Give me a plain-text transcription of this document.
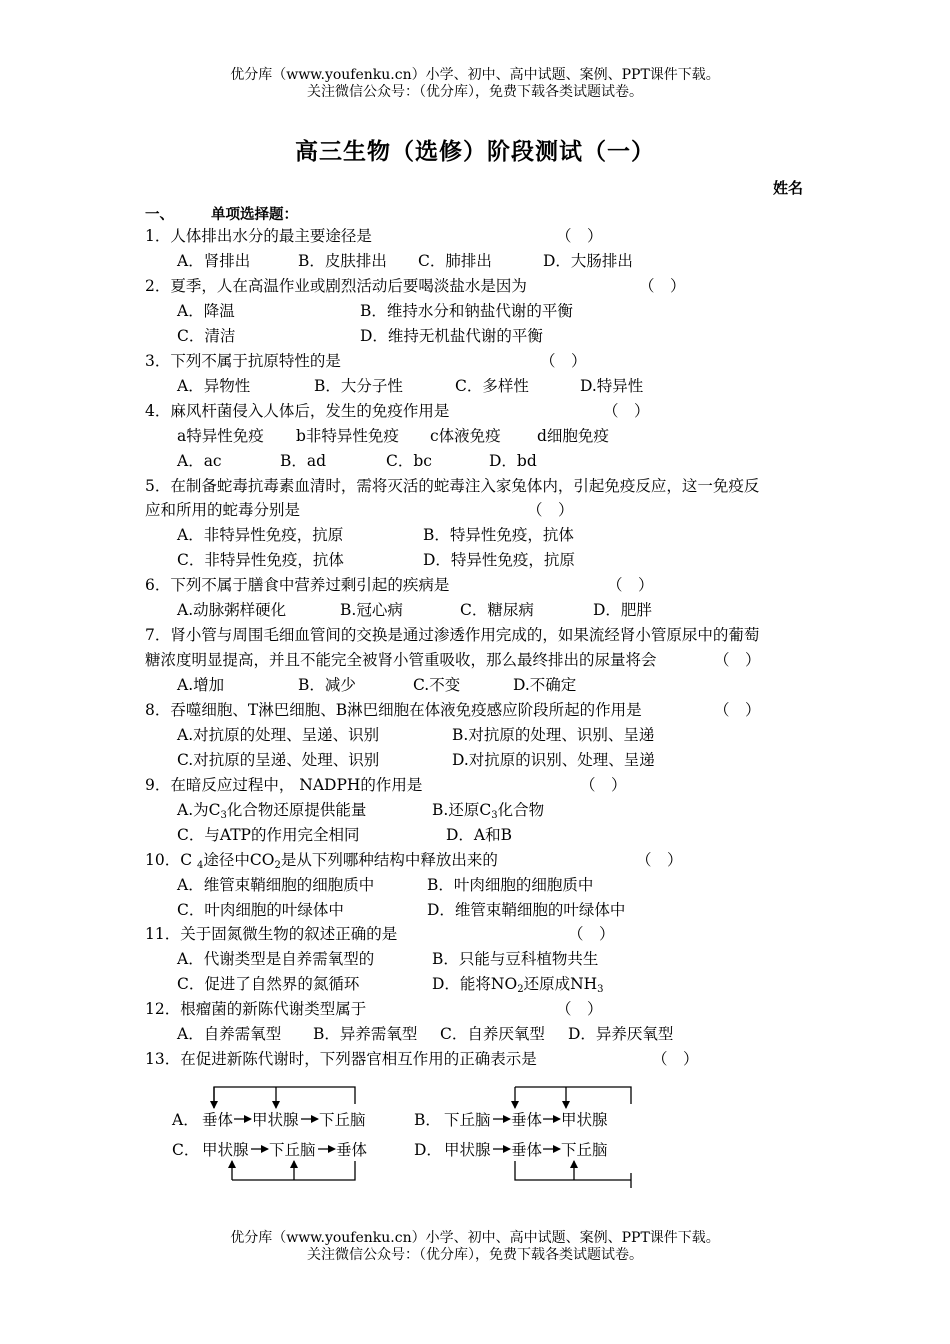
优分库（www.youfenku.cn）小学、初中、高中试题、案例、PPT课件下载。
关注微信公众号：（优分库），免费下载各类试题试卷。
高三生物（选修）阶段测试（一）
姓名
一、	单项选择题：
1．人体排出水分的最主要途径是	（　）
A．肾排出	B．皮肤排出 C．肺排出	D．大肠排出
2．夏季，人在高温作业或剧烈活动后要喝淡盐水是因为	（　）
A．降温	B．维持水分和钠盐代谢的平衡
C．清洁	D．维持无机盐代谢的平衡
3．下列不属于抗原特性的是	（　）
A．异物性	B．大分子性	C．多样性	D.特异性
4．麻风杆菌侵入人体后，发生的免疫作用是	（　）
a特异性免疫 b非特异性免疫 c体液免疫 d细胞免疫
A．ac	B．ad	C．bc	D．bd
5．在制备蛇毒抗毒素血清时，需将灭活的蛇毒注入家兔体内，引起免疫反应，这一免疫反
应和所用的蛇毒分别是	（　）
A．非特异性免疫，抗原	B．特异性免疫，抗体
C．非特异性免疫，抗体	D．特异性免疫，抗原
6．下列不属于膳食中营养过剩引起的疾病是	（　）
A.动脉粥样硬化	B.冠心病	C．糖尿病	D．肥胖
7．肾小管与周围毛细血管间的交换是通过渗透作用完成的，如果流经肾小管原尿中的葡萄
糖浓度明显提高，并且不能完全被肾小管重吸收，那么最终排出的尿量将会	（　）
A.增加	B．减少	C.不变	D.不确定
8．吞噬细胞、T淋巴细胞、B淋巴细胞在体液免疫感应阶段所起的作用是	（　）
A.对抗原的处理、呈递、识别	B.对抗原的处理、识别、呈递
C.对抗原的呈递、处理、识别	D.对抗原的识别、处理、呈递
9．在暗反应过程中， NADPH的作用是	（　）
A.为$C_3$化合物还原提供能量	B.还原$C_3$化合物
C．与ATP的作用完全相同	D．A和B
10．C $_4$途径中$CO_2$是从下列哪种结构中释放出来的	（　）
A．维管束鞘细胞的细胞质中	B．叶肉细胞的细胞质中
C．叶肉细胞的叶绿体中	D．维管束鞘细胞的叶绿体中
11．关于固氮微生物的叙述正确的是	（　）
A．代谢类型是自养需氧型的	B．只能与豆科植物共生
C．促进了自然界的氮循环	D．能将$NO_2$还原成$NH_3$
12．根瘤菌的新陈代谢类型属于	（　）
A．自养需氧型 B．异养需氧型 C．自养厌氧型 D．异养厌氧型
13．在促进新陈代谢时，下列器官相互作用的正确表示是	（　）
A． 垂体 甲状腺 下丘脑	B． 下丘脑 垂体 甲状腺
C． 甲状腺 下丘脑 垂体	D． 甲状腺 垂体 下丘脑
优分库（www.youfenku.cn）小学、初中、高中试题、案例、PPT课件下载。
关注微信公众号：（优分库），免费下载各类试题试卷。
